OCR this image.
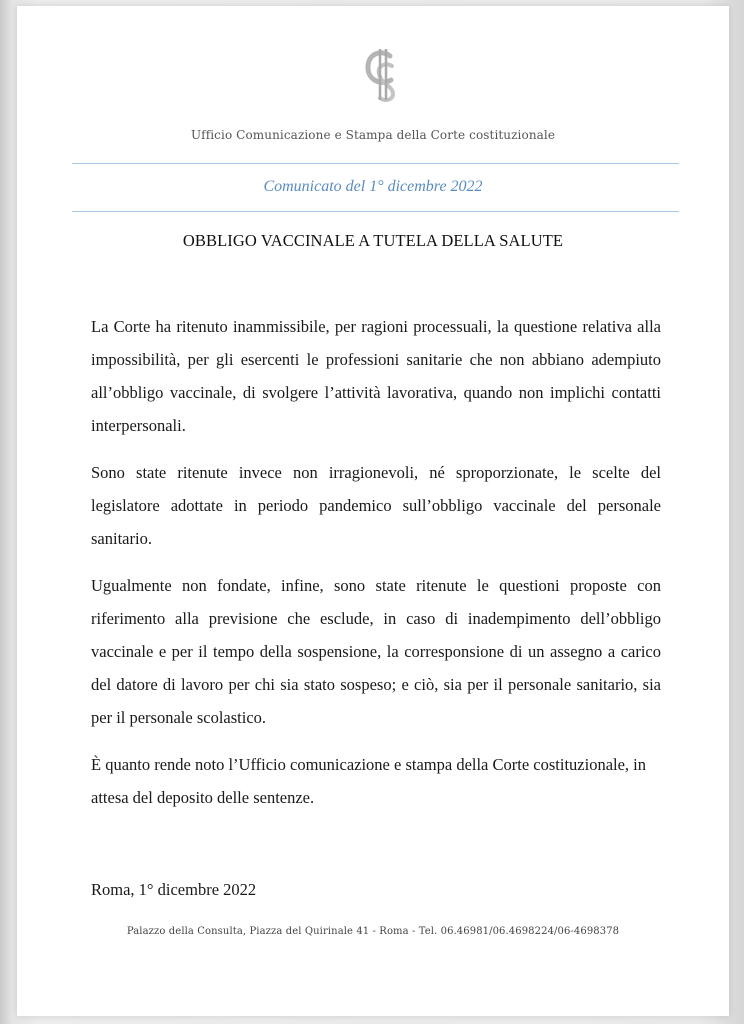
Ufficio Comunicazione e Stampa della Corte costituzionale
Comunicato del 1° dicembre 2022
OBBLIGO VACCINALE A TUTELA DELLA SALUTE

La Corte ha ritenuto inammissibile, per ragioni processuali, la questione relativa alla impossibilità, per gli esercenti le professioni sanitarie che non abbiano adempiuto all’obbligo vaccinale, di svolgere l’attività lavorativa, quando non implichi contatti interpersonali.

Sono state ritenute invece non irragionevoli, né sproporzionate, le scelte del legislatore adottate in periodo pandemico sull’obbligo vaccinale del personale sanitario.

Ugualmente non fondate, infine, sono state ritenute le questioni proposte con riferimento alla previsione che esclude, in caso di inadempimento dell’obbligo vaccinale e per il tempo della sospensione, la corresponsione di un assegno a carico del datore di lavoro per chi sia stato sospeso; e ciò, sia per il personale sanitario, sia per il personale scolastico.

È quanto rende noto l’Ufficio comunicazione e stampa della Corte costituzionale, in attesa del deposito delle sentenze.

Roma, 1° dicembre 2022
Palazzo della Consulta, Piazza del Quirinale 41 - Roma - Tel. 06.46981/06.4698224/06-4698378
